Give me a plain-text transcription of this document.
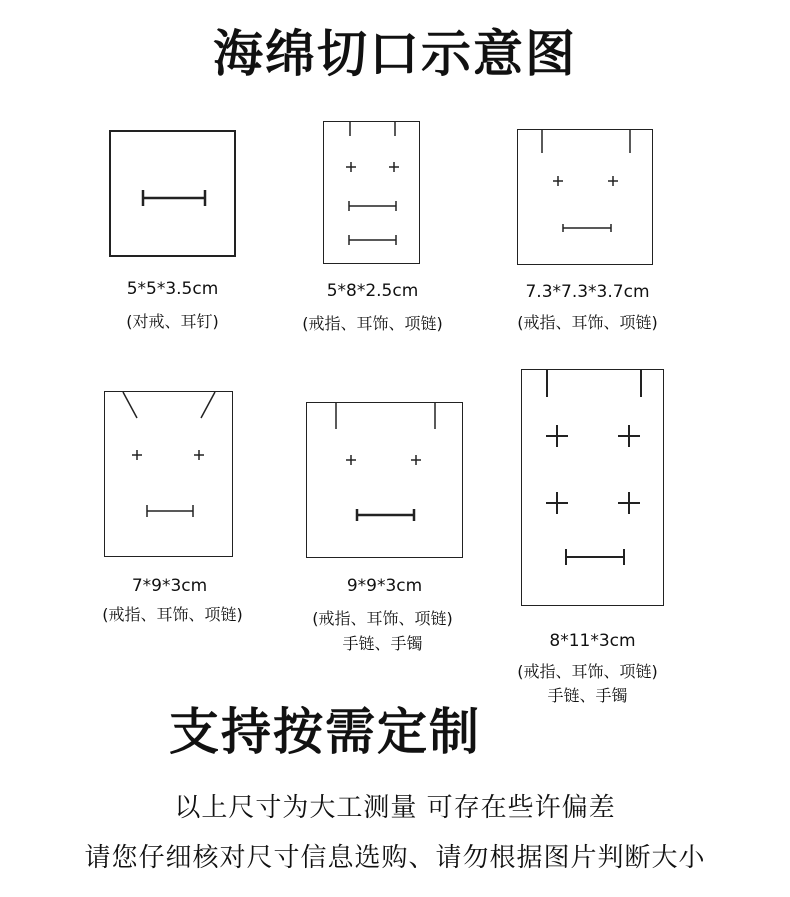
海绵切口示意图
5*5*3.5cm
(对戒、耳钉)
5*8*2.5cm
(戒指、耳饰、项链)
7.3*7.3*3.7cm
(戒指、耳饰、项链)
7*9*3cm
(戒指、耳饰、项链)
9*9*3cm
(戒指、耳饰、项链)
手链、手镯	8*11*3cm
(戒指、耳饰、项链)
手链、手镯
支持按需定制
以上尺寸为大工测量 可存在些许偏差
请您仔细核对尺寸信息选购、请勿根据图片判断大小
